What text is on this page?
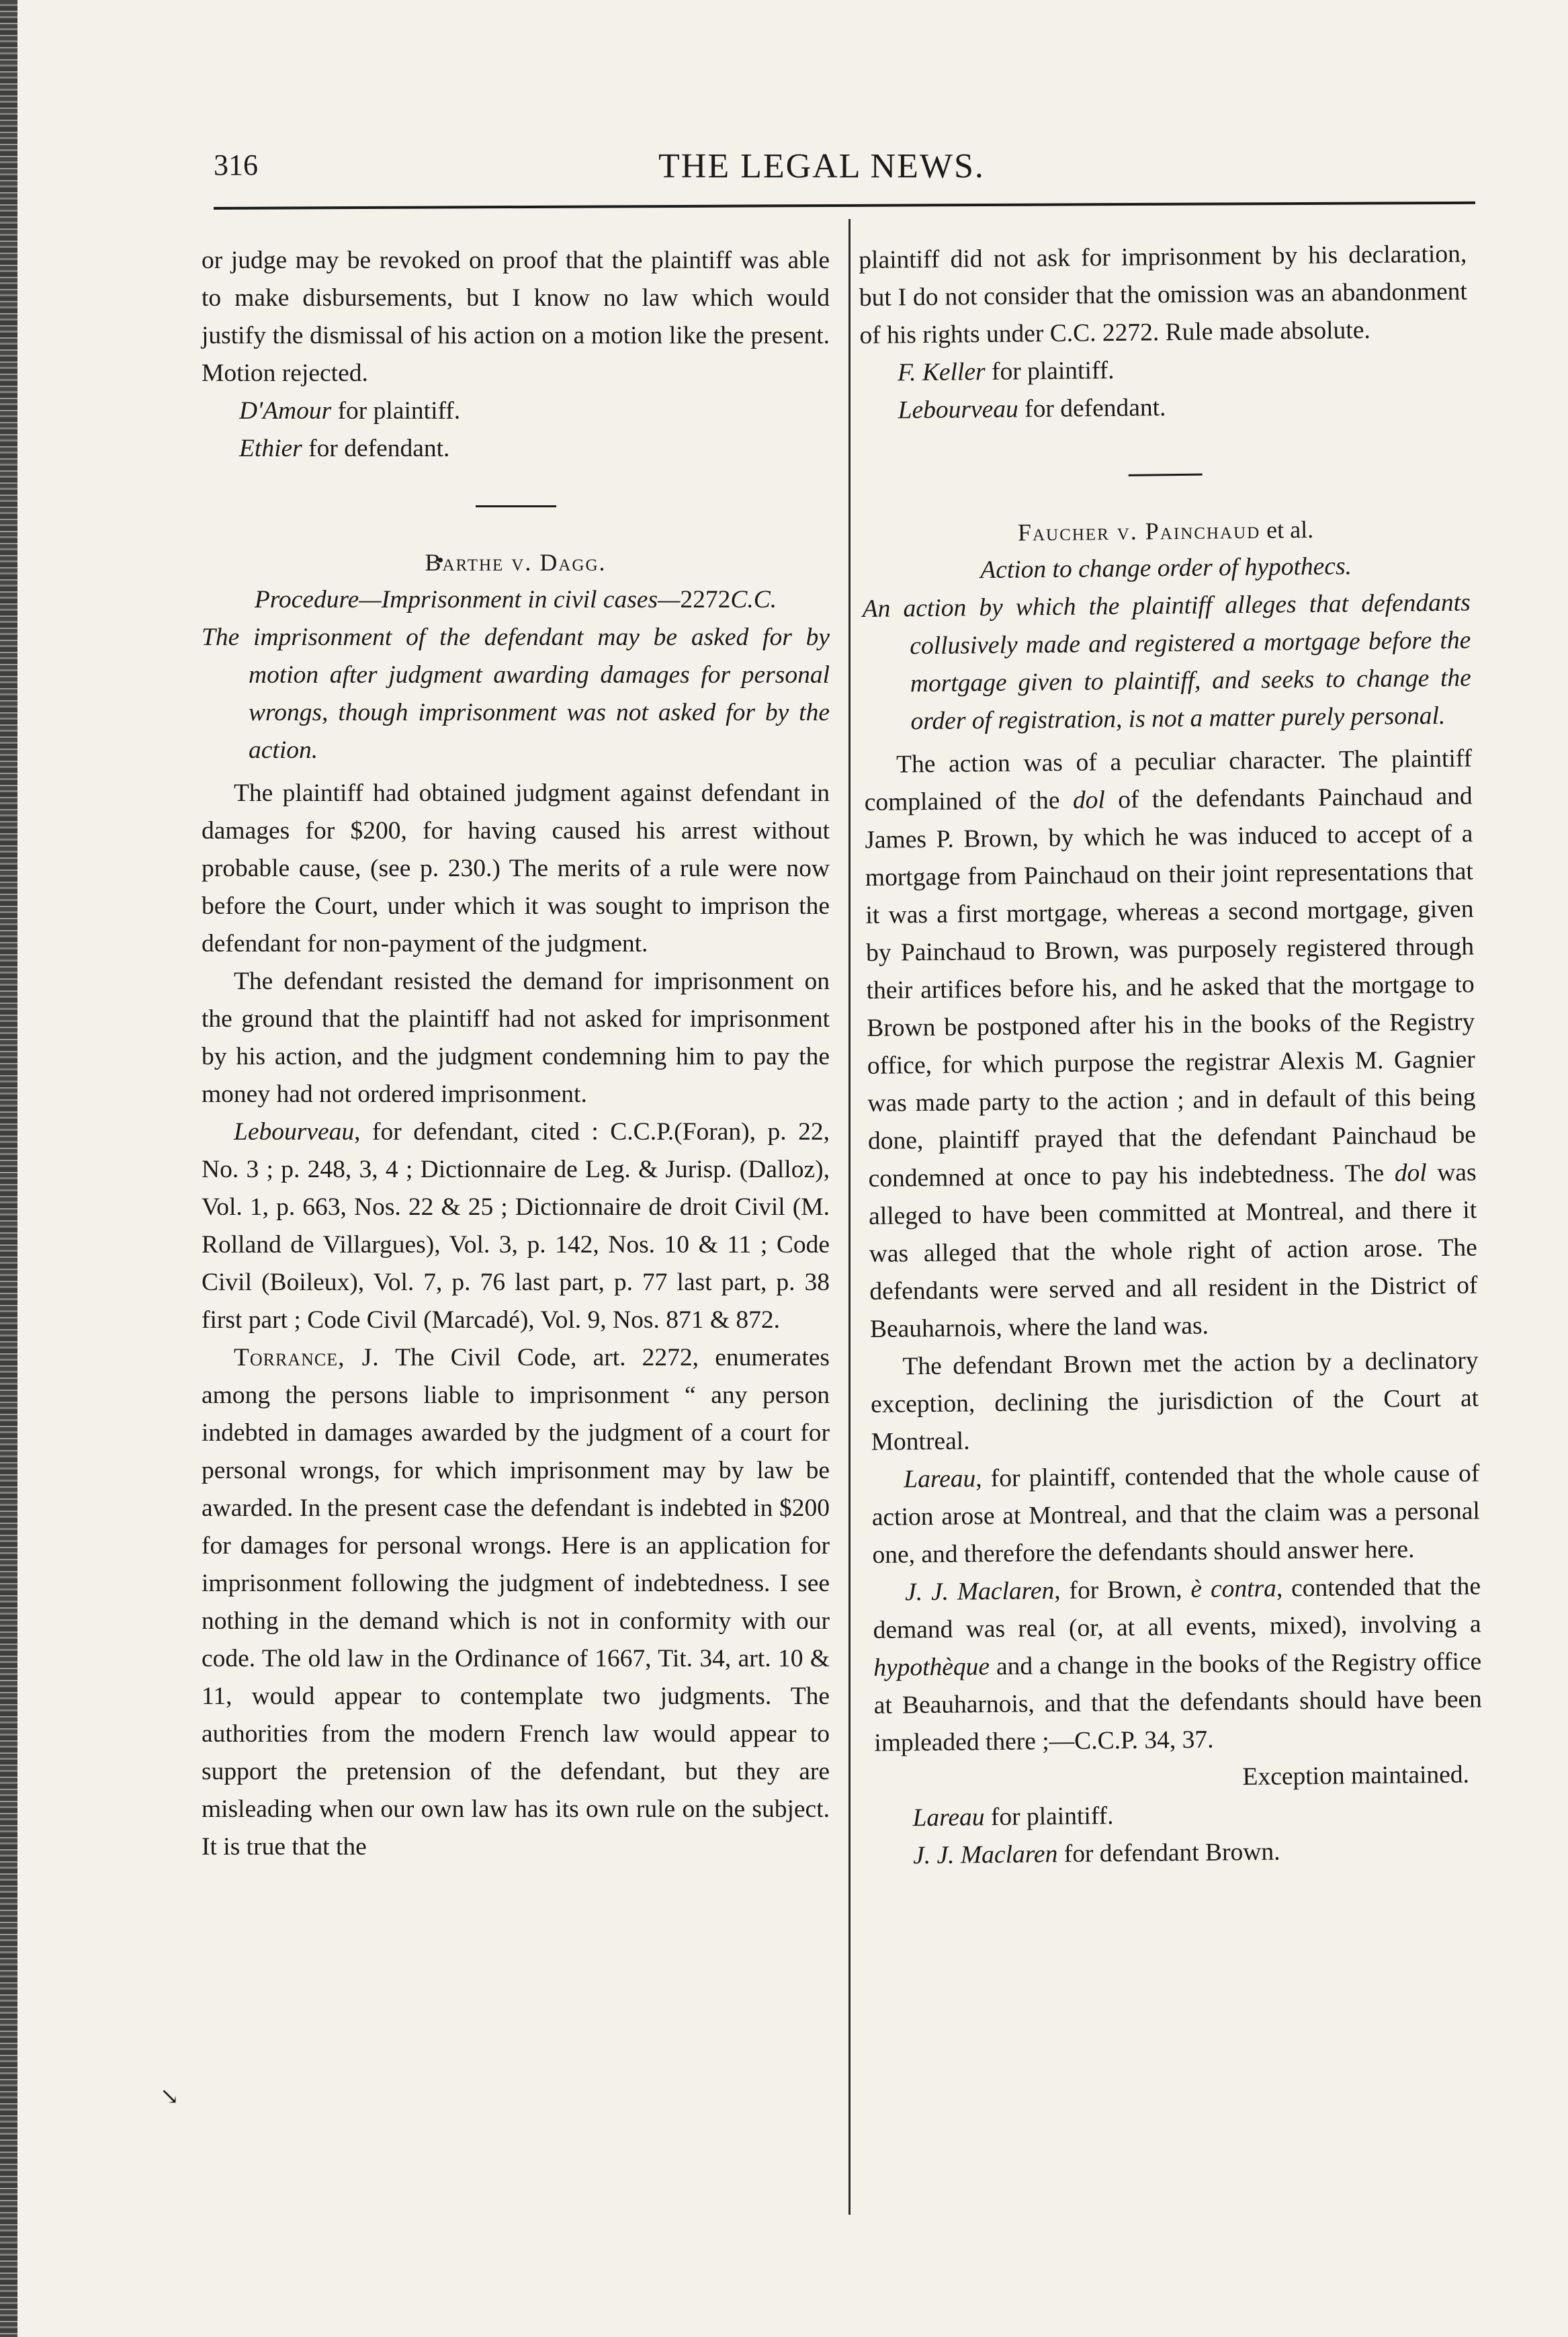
316	THE LEGAL NEWS.
↘

or judge may be revoked on proof that the plaintiff was able to make disbursements, but I know no law which would justify the dismissal of his action on a motion like the present. Motion rejected.

D'Amour for plaintiff.

Ethier for defendant.

Barthe v. Dagg.

Procedure—Imprisonment in civil cases—2272C.C.

The imprisonment of the defendant may be asked for by motion after judgment awarding damages for personal wrongs, though imprisonment was not asked for by the action.

The plaintiff had obtained judgment against defendant in damages for $200, for having caused his arrest without probable cause, (see p. 230.) The merits of a rule were now before the Court, under which it was sought to imprison the defendant for non-payment of the judgment.

The defendant resisted the demand for imprisonment on the ground that the plaintiff had not asked for imprisonment by his action, and the judgment condemning him to pay the money had not ordered imprisonment.

Lebourveau, for defendant, cited : C.C.P.(Foran), p. 22, No. 3 ; p. 248, 3, 4 ; Dictionnaire de Leg. & Jurisp. (Dalloz), Vol. 1, p. 663, Nos. 22 & 25 ; Dictionnaire de droit Civil (M. Rolland de Villargues), Vol. 3, p. 142, Nos. 10 & 11 ; Code Civil (Boileux), Vol. 7, p. 76 last part, p. 77 last part, p. 38 first part ; Code Civil (Marcadé), Vol. 9, Nos. 871 & 872.

Torrance, J. The Civil Code, art. 2272, enumerates among the persons liable to imprisonment “ any person indebted in damages awarded by the judgment of a court for personal wrongs, for which imprisonment may by law be awarded. In the present case the defendant is indebted in $200 for damages for personal wrongs. Here is an application for imprisonment following the judgment of indebtedness. I see nothing in the demand which is not in conformity with our code. The old law in the Ordinance of 1667, Tit. 34, art. 10 & 11, would appear to contemplate two judgments. The authorities from the modern French law would appear to support the pretension of the defendant, but they are misleading when our own law has its own rule on the subject. It is true that the

plaintiff did not ask for imprisonment by his declaration, but I do not consider that the omission was an abandonment of his rights under C.C. 2272. Rule made absolute.

F. Keller for plaintiff.

Lebourveau for defendant.

Faucher v. Painchaud et al.

Action to change order of hypothecs.

An action by which the plaintiff alleges that defendants collusively made and registered a mortgage before the mortgage given to plaintiff, and seeks to change the order of registration, is not a matter purely personal.

The action was of a peculiar character. The plaintiff complained of the dol of the defendants Painchaud and James P. Brown, by which he was induced to accept of a mortgage from Painchaud on their joint representations that it was a first mortgage, whereas a second mortgage, given by Painchaud to Brown, was purposely registered through their artifices before his, and he asked that the mortgage to Brown be postponed after his in the books of the Registry office, for which purpose the registrar Alexis M. Gagnier was made party to the action ; and in default of this being done, plaintiff prayed that the defendant Painchaud be condemned at once to pay his indebtedness. The dol was alleged to have been committed at Montreal, and there it was alleged that the whole right of action arose. The defendants were served and all resident in the District of Beauharnois, where the land was.

The defendant Brown met the action by a declinatory exception, declining the jurisdiction of the Court at Montreal.

Lareau, for plaintiff, contended that the whole cause of action arose at Montreal, and that the claim was a personal one, and therefore the defendants should answer here.

J. J. Maclaren, for Brown, è contra, contended that the demand was real (or, at all events, mixed), involving a hypothèque and a change in the books of the Registry office at Beauharnois, and that the defendants should have been impleaded there ;—C.C.P. 34, 37.

Exception maintained.

Lareau for plaintiff.

J. J. Maclaren for defendant Brown.
